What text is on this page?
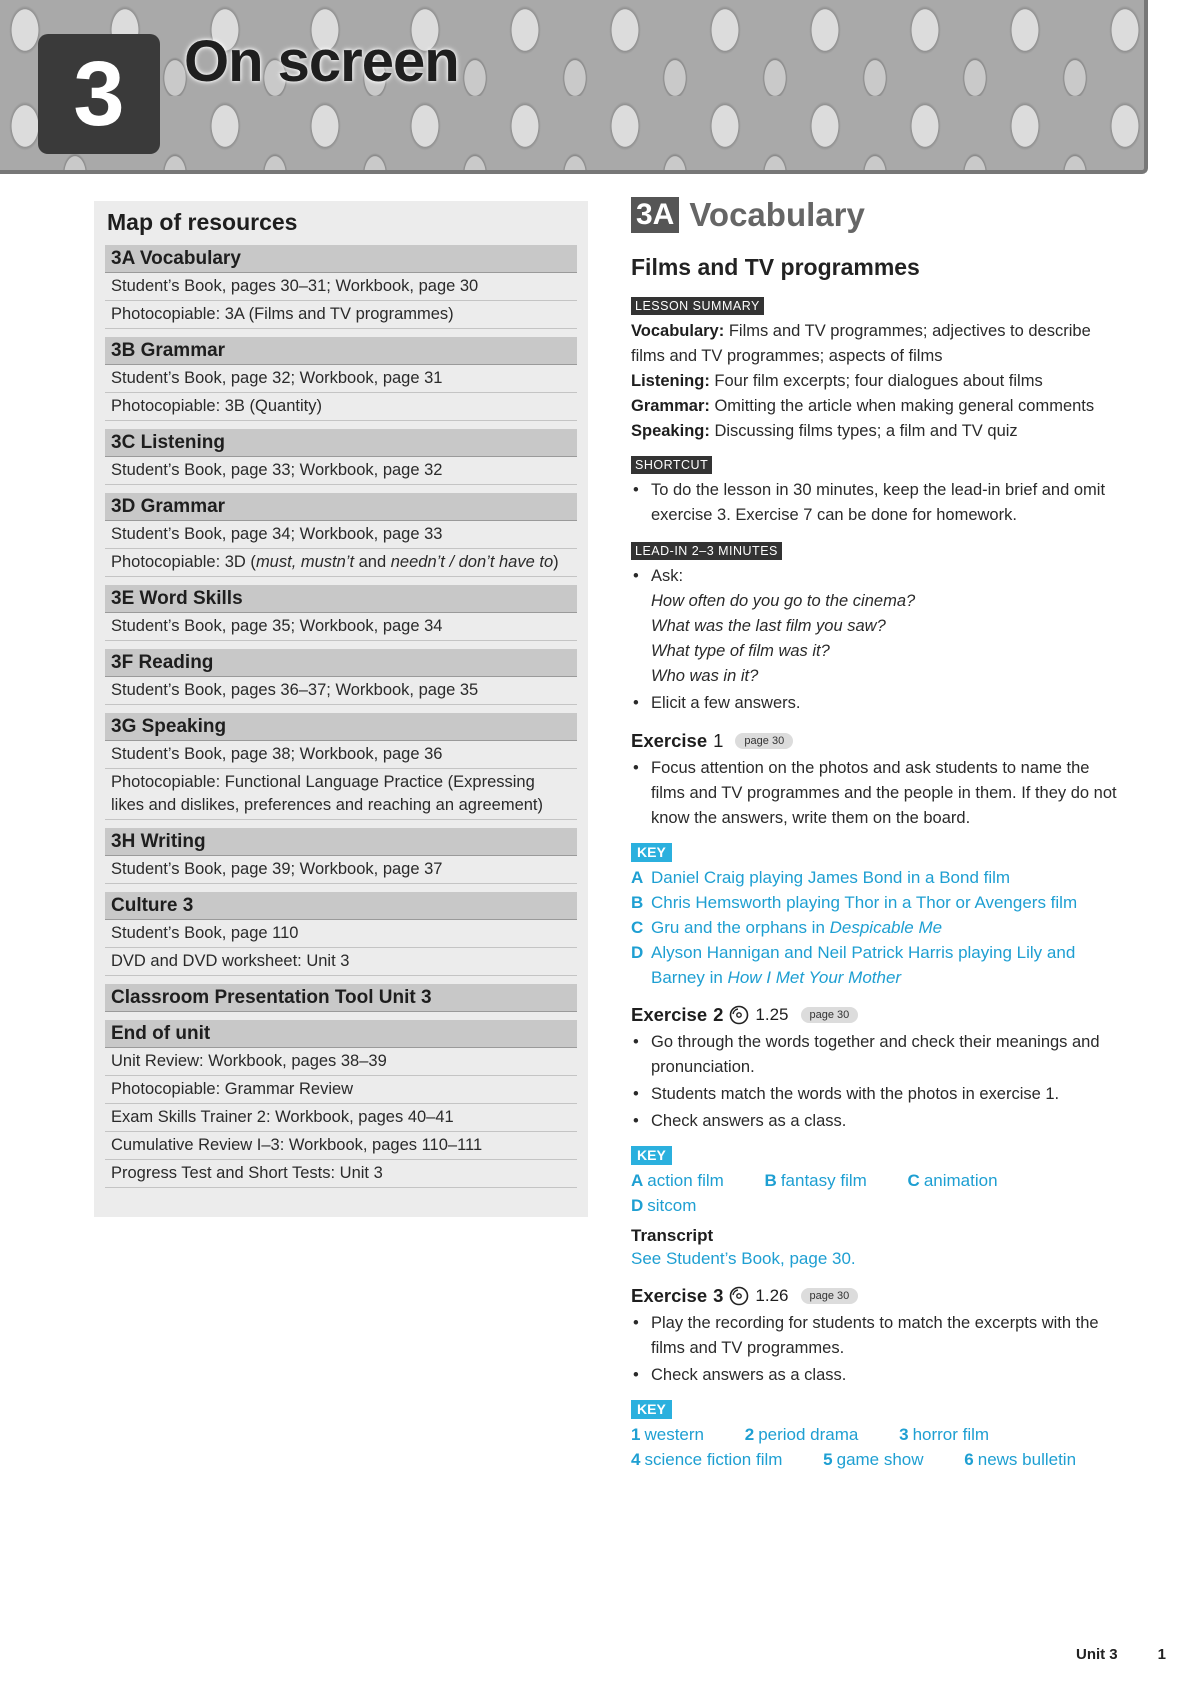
3	On screen
Map of resources
3A Vocabulary
Student’s Book, pages 30–31; Workbook, page 30
Photocopiable: 3A (Films and TV programmes)
3B Grammar
Student’s Book, page 32; Workbook, page 31
Photocopiable: 3B (Quantity)
3C Listening
Student’s Book, page 33; Workbook, page 32
3D Grammar
Student’s Book, page 34; Workbook, page 33
Photocopiable: 3D (must, mustn’t and needn’t / don’t have to)
3E Word Skills
Student’s Book, page 35; Workbook, page 34
3F Reading
Student’s Book, pages 36–37; Workbook, page 35
3G Speaking
Student’s Book, page 38; Workbook, page 36
Photocopiable: Functional Language Practice (Expressing likes and dislikes, preferences and reaching an agreement)
3H Writing
Student’s Book, page 39; Workbook, page 37
Culture 3
Student’s Book, page 110
DVD and DVD worksheet: Unit 3
Classroom Presentation Tool Unit 3
End of unit
Unit Review: Workbook, pages 38–39
Photocopiable: Grammar Review
Exam Skills Trainer 2: Workbook, pages 40–41
Cumulative Review I–3: Workbook, pages 110–111
Progress Test and Short Tests: Unit 3
3A Vocabulary
Films and TV programmes
LESSON SUMMARY

Vocabulary: Films and TV programmes; adjectives to describe films and TV programmes; aspects of films

Listening: Four film excerpts; four dialogues about films

Grammar: Omitting the article when making general comments

Speaking: Discussing films types; a film and TV quiz

SHORTCUT
• To do the lesson in 30 minutes, keep the lead-in brief and omit exercise 3. Exercise 7 can be done for homework.
LEAD-IN 2–3 MINUTES
• Ask:
How often do you go to the cinema?
What was the last film you saw?
What type of film was it?
Who was in it?
• Elicit a few answers.
Exercise 1	page 30
• Focus attention on the photos and ask students to name the films and TV programmes and the people in them. If they do not know the answers, write them on the board.
KEY
A Daniel Craig playing James Bond in a Bond film
B Chris Hemsworth playing Thor in a Thor or Avengers film
C Gru and the orphans in Despicable Me
D Alyson Hannigan and Neil Patrick Harris playing Lily and Barney in How I Met Your Mother
Exercise 2 1.25	page 30
• Go through the words together and check their meanings and pronunciation.
• Students match the words with the photos in exercise 1.
• Check answers as a class.
KEY

A action film B fantasy film C animation D sitcom

Transcript

See Student’s Book, page 30.

Exercise 3 1.26	page 30
• Play the recording for students to match the excerpts with the films and TV programmes.
• Check answers as a class.
KEY

1 western 2 period drama 3 horror film

4 science fiction film 5 game show 6 news bulletin

Unit 3	1
